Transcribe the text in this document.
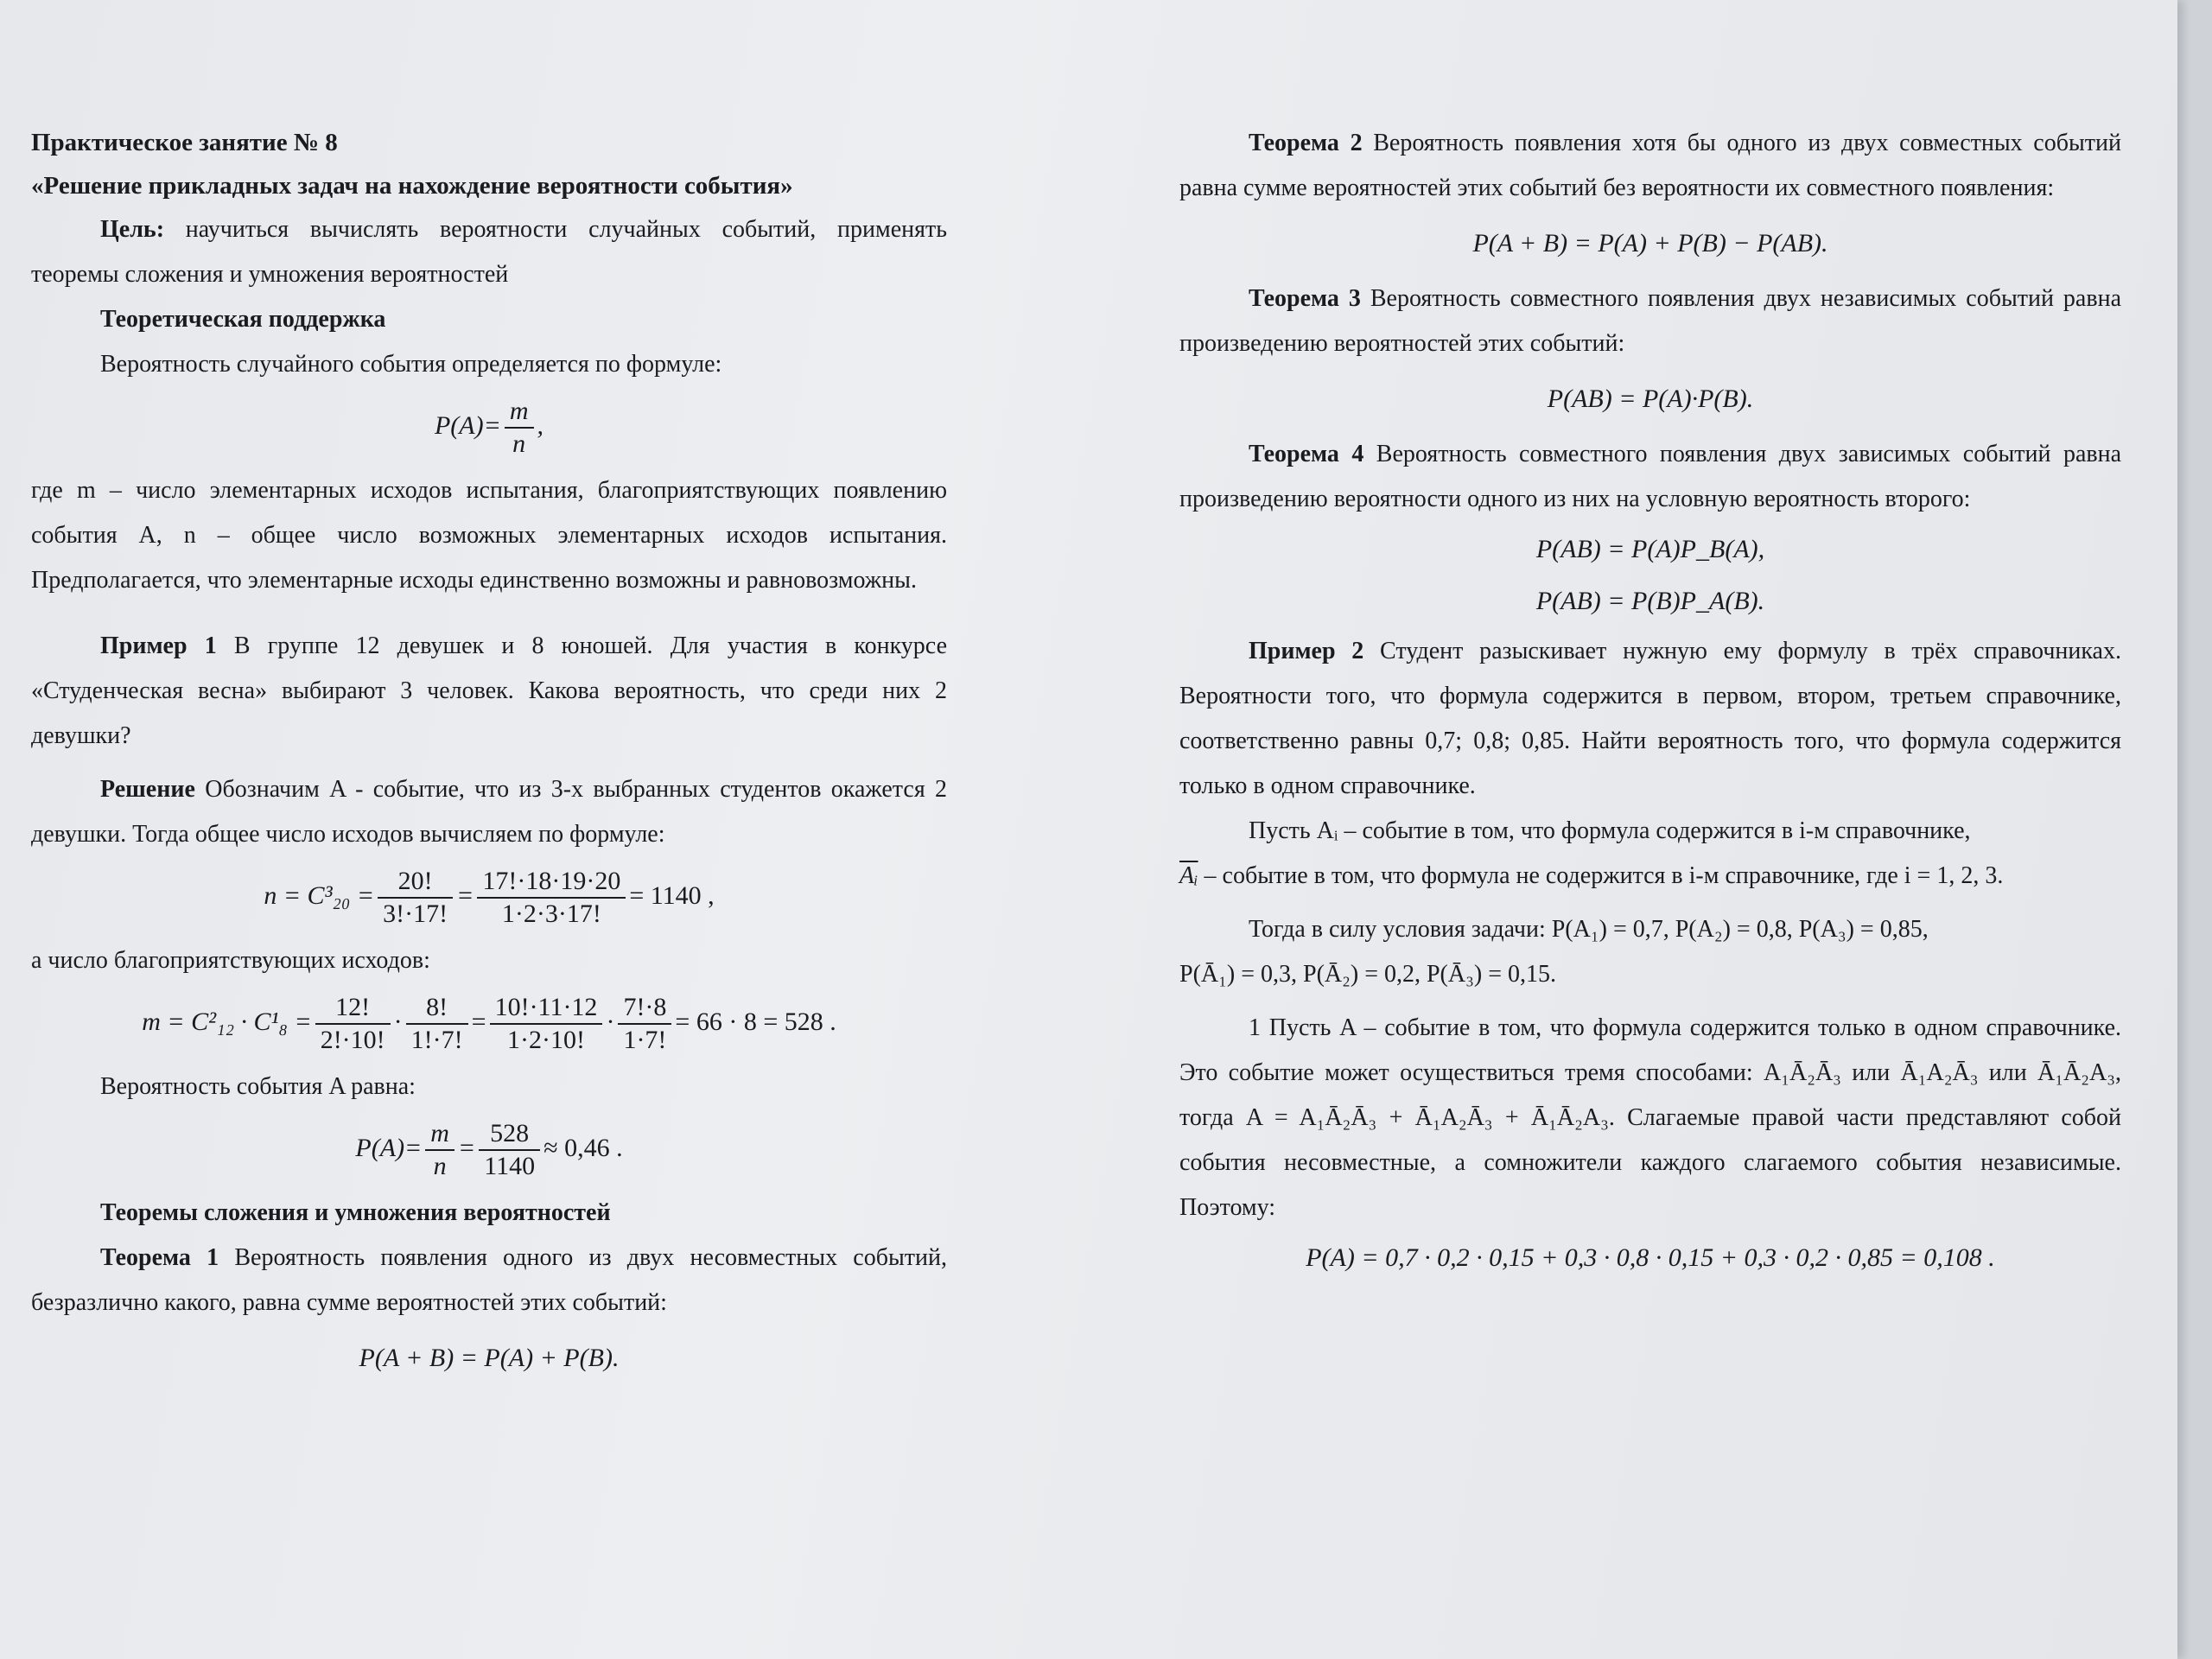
Практическое занятие № 8

«Решение прикладных задач на нахождение вероятности события»

Цель: научиться вычислять вероятности случайных событий, применять теоремы сложения и умножения вероятностей

Теоретическая поддержка

Вероятность случайного события определяется по формуле:

$P(A)= \frac{m}{n}$ ,

где m – число элементарных исходов испытания, благоприятствующих появлению события A, n – общее число возможных элементарных исходов испытания. Предполагается, что элементарные исходы единственно возможны и равновозможны.

Пример 1 В группе 12 девушек и 8 юношей. Для участия в конкурсе «Студенческая весна» выбирают 3 человек. Какова вероятность, что среди них 2 девушки?

Решение Обозначим A - событие, что из 3-х выбранных студентов окажется 2 девушки. Тогда общее число исходов вычисляем по формуле:

$n = C^3_{20} = \frac{20!}{3!\cdot 17!} = \frac{17!\cdot 18\cdot 19\cdot 20}{1\cdot 2\cdot 3\cdot 17!} = 1140$ ,

а число благоприятствующих исходов:

$m = C^2_{12} \cdot C^1_8 = \frac{12!}{2!\cdot 10!} \cdot \frac{8!}{1!\cdot 7!} = \frac{10!\cdot 11\cdot 12}{1\cdot 2\cdot 10!} \cdot \frac{7!\cdot 8}{1\cdot 7!} = 66 \cdot 8 = 528$ .

Вероятность события A равна:

$P(A)= \frac{m}{n} = \frac{528}{1140} \approx 0,46$ .

Теоремы сложения и умножения вероятностей

Теорема 1 Вероятность появления одного из двух несовместных событий, безразлично какого, равна сумме вероятностей этих событий:

P(A + B) = P(A) + P(B).

Теорема 2 Вероятность появления хотя бы одного из двух совместных событий равна сумме вероятностей этих событий без вероятности их совместного появления:

P(A + B) = P(A) + P(B) − P(AB).

Теорема 3 Вероятность совместного появления двух независимых событий равна произведению вероятностей этих событий:

P(AB) = P(A)·P(B).

Теорема 4 Вероятность совместного появления двух зависимых событий равна произведению вероятности одного из них на условную вероятность второго:

P(AB) = P(A)P_B(A),
P(AB) = P(B)P_A(B).

Пример 2 Студент разыскивает нужную ему формулу в трёх справочниках. Вероятности того, что формула содержится в первом, втором, третьем справочнике, соответственно равны 0,7; 0,8; 0,85. Найти вероятность того, что формула содержится только в одном справочнике.

Пусть Aᵢ – событие в том, что формула содержится в i-м справочнике,

$\overline{Aᵢ}$ – событие в том, что формула не содержится в i-м справочнике, где i = 1, 2, 3.

Тогда в силу условия задачи: P(A₁) = 0,7, P(A₂) = 0,8, P(A₃) = 0,85,

P(Ā₁) = 0,3, P(Ā₂) = 0,2, P(Ā₃) = 0,15.

1 Пусть A – событие в том, что формула содержится только в одном справочнике. Это событие может осуществиться тремя способами: A₁Ā₂Ā₃ или Ā₁A₂Ā₃ или Ā₁Ā₂A₃, тогда A = A₁Ā₂Ā₃ + Ā₁A₂Ā₃ + Ā₁Ā₂A₃. Слагаемые правой части представляют собой события несовместные, а сомножители каждого слагаемого события независимые. Поэтому:

P(A) = 0,7 · 0,2 · 0,15 + 0,3 · 0,8 · 0,15 + 0,3 · 0,2 · 0,85 = 0,108 .
